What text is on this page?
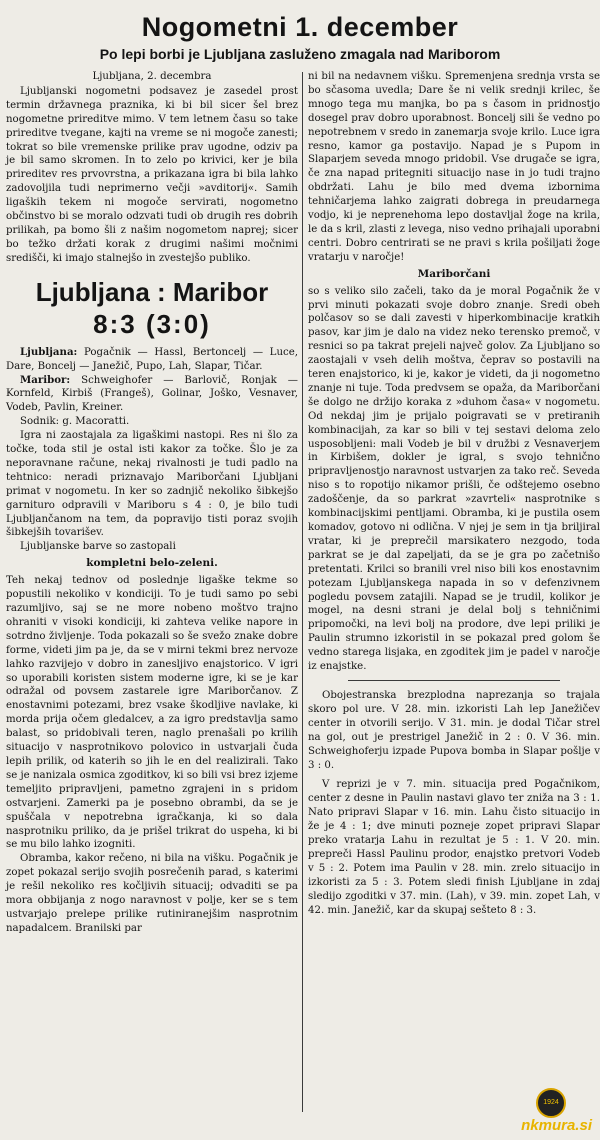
Nogometni 1. december
Po lepi borbi je Ljubljana zasluženo zmagala nad Mariborom

Ljubljana, 2. decembra

Ljubljanski nogometni podsavez je zasedel prost termin državnega praznika, ki bi bil sicer šel brez nogometne prireditve mimo. V tem letnem času so take prireditve tvegane, kajti na vreme se ni mogoče zanesti; tokrat so bile vremenske prilike prav ugodne, odziv pa je bil samo skromen. In to zelo po krivici, ker je bila prireditev res prvovrstna, a prikazana igra bi bila lahko zadovoljila tudi neprimerno večji »avditorij«. Samih ligaških tekem ni mogoče servirati, nogometno občinstvo bi se moralo odzvati tudi ob drugih res dobrih prilikah, pa bomo šli z našim nogometom naprej; sicer bo težko držati korak z drugimi našimi močnimi središči, ki imajo stalnejšo in zvestejšo publiko.

Ljubljana : Maribor
8:3 (3:0)

Ljubljana: Pogačnik — Hassl, Bertoncelj — Luce, Dare, Boncelj — Janežič, Pupo, Lah, Slapar, Tičar.

Maribor: Schweighofer — Barlovič, Ronjak — Kornfeld, Kirbiš (Frangeš), Golinar, Joško, Vesnaver, Vodeb, Pavlin, Kreiner.

Sodnik: g. Macoratti.

Igra ni zaostajala za ligaškimi nastopi. Res ni šlo za točke, toda stil je ostal isti kakor za točke. Šlo je za neporavnane račune, nekaj rivalnosti je tudi padlo na tehtnico: neradi priznavajo Mariborčani Ljubljani primat v nogometu. In ker so zadnjič nekoliko šibkejšo garnituro odpravili v Mariboru s 4 : 0, je bilo tudi Ljubljančanom na tem, da popravijo tisti poraz svojih šibkejših tovarišev.

Ljubljanske barve so zastopali

kompletni belo-zeleni.

Teh nekaj tednov od poslednje ligaške tekme so popustili nekoliko v kondiciji. To je tudi samo po sebi razumljivo, saj se ne more nobeno moštvo trajno ohraniti v visoki kondiciji, ki zahteva velike napore in sotrdno življenje. Toda pokazali so še svežo znake dobre forme, videti jim pa je, da se v mirni tekmi brez nervoze lahko razvijejo v dobro in zanesljivo enajstorico. V igri so uporabili koristen sistem moderne igre, ki se je kar odražal od povsem zastarele igre Mariborčanov. Z enostavnimi potezami, brez vsake škodljive navlake, ki morda prija očem gledalcev, a za igro predstavlja samo balast, so pridobivali teren, naglo prenašali po krilih situacijo v nasprotnikovo polovico in ustvarjali čuda lepih prilik, od katerih so jih le en del realizirali. Tako se je nanizala osmica zgoditkov, ki so bili vsi brez izjeme temeljito pripravljeni, pametno zgrajeni in s pridom ostvarjeni. Zamerki pa je posebno obrambi, da se je spuščala v nepotrebna igračkanja, ki so dala nasprotniku priliko, da je prišel trikrat do uspeha, ki bi se mu bilo lahko izogniti.

Obramba, kakor rečeno, ni bila na višku. Pogačnik je zopet pokazal serijo svojih posrečenih parad, s katerimi je rešil nekoliko res kočljivih situacij; odvaditi se pa mora obbijanja z nogo naravnost v polje, ker se s tem ustvarjajo prelepe prilike rutiniranejšim nasprotnim napadalcem. Branilski par

ni bil na nedavnem višku. Spremenjena srednja vrsta se bo sčasoma uvedla; Dare še ni velik srednji krilec, še mnogo tega mu manjka, bo pa s časom in pridnostjo dosegel prav dobro uporabnost. Boncelj sili še vedno po nepotrebnem v sredo in zanemarja svoje krilo. Luce igra resno, kamor ga postavijo. Napad je s Pupom in Slaparjem seveda mnogo pridobil. Vse drugače se igra, če zna napad pritegniti situacijo nase in jo tudi trajno obdržati. Lahu je bilo med dvema izbornima tehničarjema lahko zaigrati dobrega in preudarnega vodjo, ki je neprenehoma lepo dostavljal žoge na krila, le da s kril, zlasti z levega, niso vedno prihajali uporabni centri. Dobro centrirati se ne pravi s krila pošiljati žoge vratarju v naročje!

Mariborčani

so s veliko silo začeli, tako da je moral Pogačnik že v prvi minuti pokazati svoje dobro znanje. Sredi obeh polčasov so se dali zavesti v hiperkombinacije kratkih pasov, kar jim je dalo na videz neko terensko premoč, v resnici so pa takrat prejeli največ golov. Za Ljubljano so zaostajali v vseh delih moštva, čeprav so postavili na teren enajstorico, ki je, kakor je videti, da ji nogometno znanje ni tuje. Toda predvsem se opaža, da Mariborčani še dolgo ne držijo koraka z »duhom časa« v nogometu. Od nekdaj jim je prijalo poigravati se v pretiranih kombinacijah, za kar so bili v tej sestavi deloma zelo usposobljeni: mali Vodeb je bil v družbi z Vesnaverjem in Kirbišem, dokler je igral, s svojo tehnično pripravljenostjo naravnost ustvarjen za tako reč. Seveda niso s to ropotijo nikamor prišli, če odštejemo osebno zadoščenje, da so parkrat »zavrteli« nasprotnike s kombinacijskimi pentljami. Obramba, ki je pustila osem komadov, gotovo ni odlična. V njej je sem in tja briljiral vratar, ki je preprečil marsikatero nezgodo, toda parkrat se je dal zapeljati, da se je gra po začetnišo pretentati. Krilci so branili vrel niso bili kos enostavnim potezam Ljubljanskega napada in so v defenzivnem pogledu povsem zatajili. Napad se je trudil, kolikor je mogel, na desni strani je delal bolj s tehničnimi pripomočki, na levi bolj na prodore, dve lepi priliki je Paulin strumno izkoristil in se pokazal pred golom še vedno starega lisjaka, en zgoditek jim je padel v naročje iz enajstke.

Obojestranska brezplodna naprezanja so trajala skoro pol ure. V 28. min. izkoristi Lah lep Janežičev center in otvorili serijo. V 31. min. je dodal Tičar strel na gol, out je prestrigel Janežič in 2 : 0. V 36. min. Schweighoferju izpade Pupova bomba in Slapar pošlje v 3 : 0.

V reprizi je v 7. min. situacija pred Pogačnikom, center z desne in Paulin nastavi glavo ter zniža na 3 : 1. Nato pripravi Slapar v 16. min. Lahu čisto situacijo in že je 4 : 1; dve minuti pozneje zopet pripravi Slapar preko vratarja Lahu in rezultat je 5 : 1. V 20. min. prepreči Hassl Paulinu prodor, enajstko pretvori Vodeb v 5 : 2. Potem ima Paulin v 28. min. zrelo situacijo in izkoristi za 5 : 3. Potem sledi finish Ljubljane in zdaj sledijo zgoditki v 37. min. (Lah), v 39. min. zopet Lah, v 42. min. Janežič, kar da skupaj sešteto 8 : 3.

1924
nkmura.si
